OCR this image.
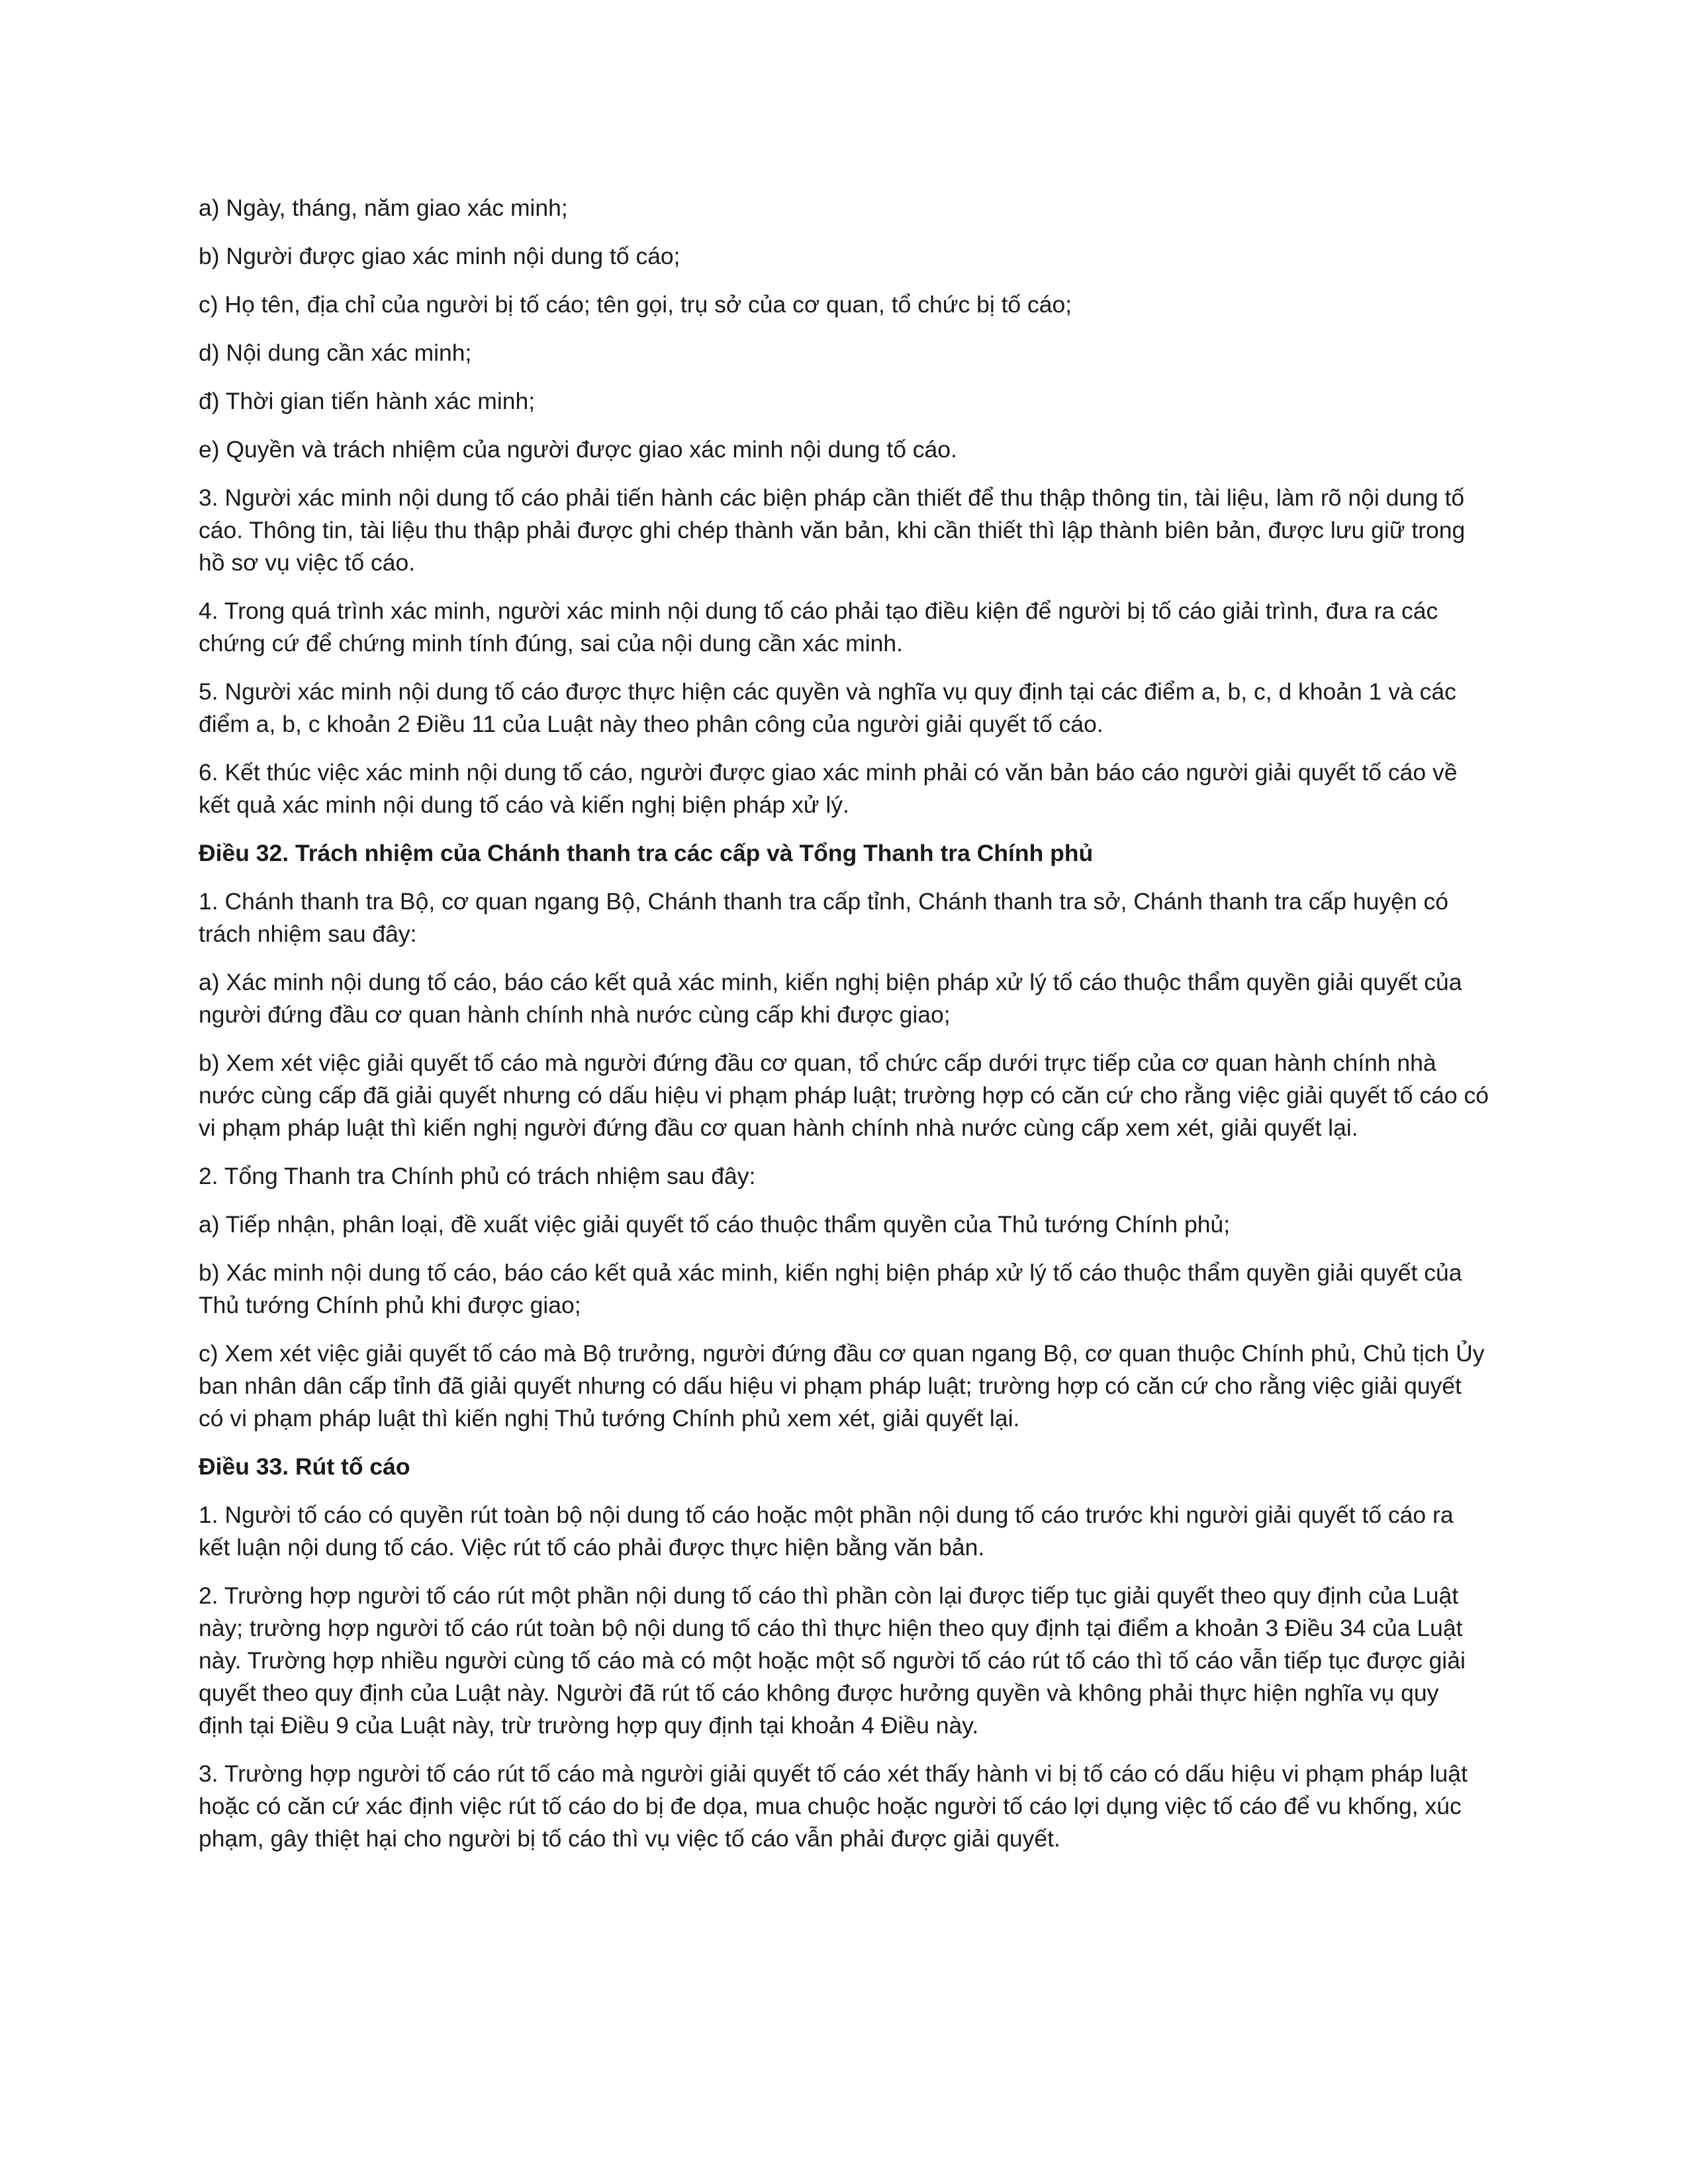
a) Ngày, tháng, năm giao xác minh;

b) Người được giao xác minh nội dung tố cáo;

c) Họ tên, địa chỉ của người bị tố cáo; tên gọi, trụ sở của cơ quan, tổ chức bị tố cáo;

d) Nội dung cần xác minh;

đ) Thời gian tiến hành xác minh;

e) Quyền và trách nhiệm của người được giao xác minh nội dung tố cáo.

3. Người xác minh nội dung tố cáo phải tiến hành các biện pháp cần thiết để thu thập thông tin, tài liệu, làm rõ nội dung tố cáo. Thông tin, tài liệu thu thập phải được ghi chép thành văn bản, khi cần thiết thì lập thành biên bản, được lưu giữ trong hồ sơ vụ việc tố cáo.

4. Trong quá trình xác minh, người xác minh nội dung tố cáo phải tạo điều kiện để người bị tố cáo giải trình, đưa ra các chứng cứ để chứng minh tính đúng, sai của nội dung cần xác minh.

5. Người xác minh nội dung tố cáo được thực hiện các quyền và nghĩa vụ quy định tại các điểm a, b, c, d khoản 1 và các điểm a, b, c khoản 2 Điều 11 của Luật này theo phân công của người giải quyết tố cáo.

6. Kết thúc việc xác minh nội dung tố cáo, người được giao xác minh phải có văn bản báo cáo người giải quyết tố cáo về kết quả xác minh nội dung tố cáo và kiến nghị biện pháp xử lý.

Điều 32. Trách nhiệm của Chánh thanh tra các cấp và Tổng Thanh tra Chính phủ

1. Chánh thanh tra Bộ, cơ quan ngang Bộ, Chánh thanh tra cấp tỉnh, Chánh thanh tra sở, Chánh thanh tra cấp huyện có trách nhiệm sau đây:

a) Xác minh nội dung tố cáo, báo cáo kết quả xác minh, kiến nghị biện pháp xử lý tố cáo thuộc thẩm quyền giải quyết của người đứng đầu cơ quan hành chính nhà nước cùng cấp khi được giao;

b) Xem xét việc giải quyết tố cáo mà người đứng đầu cơ quan, tổ chức cấp dưới trực tiếp của cơ quan hành chính nhà nước cùng cấp đã giải quyết nhưng có dấu hiệu vi phạm pháp luật; trường hợp có căn cứ cho rằng việc giải quyết tố cáo có vi phạm pháp luật thì kiến nghị người đứng đầu cơ quan hành chính nhà nước cùng cấp xem xét, giải quyết lại.

2. Tổng Thanh tra Chính phủ có trách nhiệm sau đây:

a) Tiếp nhận, phân loại, đề xuất việc giải quyết tố cáo thuộc thẩm quyền của Thủ tướng Chính phủ;

b) Xác minh nội dung tố cáo, báo cáo kết quả xác minh, kiến nghị biện pháp xử lý tố cáo thuộc thẩm quyền giải quyết của Thủ tướng Chính phủ khi được giao;

c) Xem xét việc giải quyết tố cáo mà Bộ trưởng, người đứng đầu cơ quan ngang Bộ, cơ quan thuộc Chính phủ, Chủ tịch Ủy ban nhân dân cấp tỉnh đã giải quyết nhưng có dấu hiệu vi phạm pháp luật; trường hợp có căn cứ cho rằng việc giải quyết có vi phạm pháp luật thì kiến nghị Thủ tướng Chính phủ xem xét, giải quyết lại.

Điều 33. Rút tố cáo

1. Người tố cáo có quyền rút toàn bộ nội dung tố cáo hoặc một phần nội dung tố cáo trước khi người giải quyết tố cáo ra kết luận nội dung tố cáo. Việc rút tố cáo phải được thực hiện bằng văn bản.

2. Trường hợp người tố cáo rút một phần nội dung tố cáo thì phần còn lại được tiếp tục giải quyết theo quy định của Luật này; trường hợp người tố cáo rút toàn bộ nội dung tố cáo thì thực hiện theo quy định tại điểm a khoản 3 Điều 34 của Luật này. Trường hợp nhiều người cùng tố cáo mà có một hoặc một số người tố cáo rút tố cáo thì tố cáo vẫn tiếp tục được giải quyết theo quy định của Luật này. Người đã rút tố cáo không được hưởng quyền và không phải thực hiện nghĩa vụ quy định tại Điều 9 của Luật này, trừ trường hợp quy định tại khoản 4 Điều này.

3. Trường hợp người tố cáo rút tố cáo mà người giải quyết tố cáo xét thấy hành vi bị tố cáo có dấu hiệu vi phạm pháp luật hoặc có căn cứ xác định việc rút tố cáo do bị đe dọa, mua chuộc hoặc người tố cáo lợi dụng việc tố cáo để vu khống, xúc phạm, gây thiệt hại cho người bị tố cáo thì vụ việc tố cáo vẫn phải được giải quyết.
